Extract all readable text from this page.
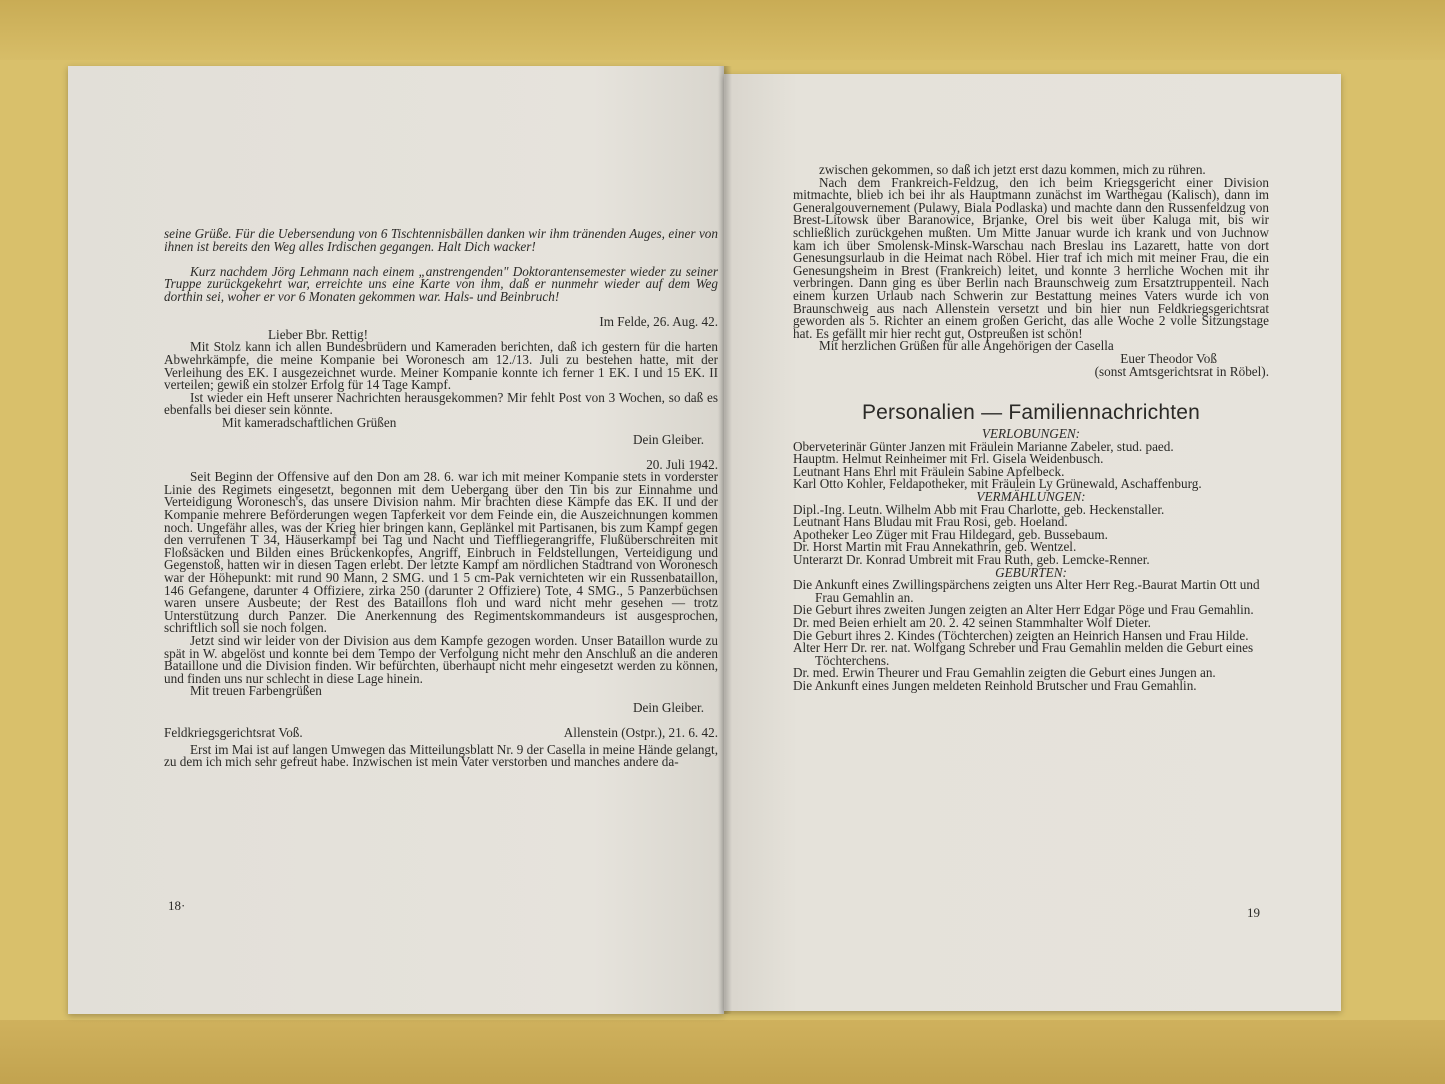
seine Grüße. Für die Uebersendung von 6 Tischtennisbällen danken wir ihm tränenden Auges, einer von ihnen ist bereits den Weg alles Irdischen gegangen. Halt Dich wacker!

Kurz nachdem Jörg Lehmann nach einem „anstrengenden" Doktorantensemester wieder zu seiner Truppe zurückgekehrt war, erreichte uns eine Karte von ihm, daß er nunmehr wieder auf dem Weg dorthin sei, woher er vor 6 Monaten gekommen war. Hals- und Beinbruch!

Im Felde, 26. Aug. 42.

Lieber Bbr. Rettig!

Mit Stolz kann ich allen Bundesbrüdern und Kameraden berichten, daß ich gestern für die harten Abwehrkämpfe, die meine Kompanie bei Woronesch am 12./13. Juli zu bestehen hatte, mit der Verleihung des EK. I ausgezeichnet wurde. Meiner Kompanie konnte ich ferner 1 EK. I und 15 EK. II verteilen; gewiß ein stolzer Erfolg für 14 Tage Kampf.

Ist wieder ein Heft unserer Nachrichten herausgekommen? Mir fehlt Post von 3 Wochen, so daß es ebenfalls bei dieser sein könnte.

Mit kameradschaftlichen Grüßen

Dein Gleiber.

20. Juli 1942.

Seit Beginn der Offensive auf den Don am 28. 6. war ich mit meiner Kompanie stets in vorderster Linie des Regimets eingesetzt, begonnen mit dem Uebergang über den Tin bis zur Einnahme und Verteidigung Woronesch's, das unsere Division nahm. Mir brachten diese Kämpfe das EK. II und der Kompanie mehrere Beförderungen wegen Tapferkeit vor dem Feinde ein, die Auszeichnungen kommen noch. Ungefähr alles, was der Krieg hier bringen kann, Geplänkel mit Partisanen, bis zum Kampf gegen den verrufenen T 34, Häuserkampf bei Tag und Nacht und Tieffliegerangriffe, Flußüberschreiten mit Floßsäcken und Bilden eines Brückenkopfes, Angriff, Einbruch in Feldstellungen, Verteidigung und Gegenstoß, hatten wir in diesen Tagen erlebt. Der letzte Kampf am nördlichen Stadtrand von Woronesch war der Höhepunkt: mit rund 90 Mann, 2 SMG. und 1 5 cm-Pak vernichteten wir ein Russenbataillon, 146 Gefangene, darunter 4 Offiziere, zirka 250 (darunter 2 Offiziere) Tote, 4 SMG., 5 Panzerbüchsen waren unsere Ausbeute; der Rest des Bataillons floh und ward nicht mehr gesehen — trotz Unterstützung durch Panzer. Die Anerkennung des Regimentskommandeurs ist ausgesprochen, schriftlich soll sie noch folgen.

Jetzt sind wir leider von der Division aus dem Kampfe gezogen worden. Unser Bataillon wurde zu spät in W. abgelöst und konnte bei dem Tempo der Verfolgung nicht mehr den Anschluß an die anderen Bataillone und die Division finden. Wir befürchten, überhaupt nicht mehr eingesetzt werden zu können, und finden uns nur schlecht in diese Lage hinein.

Mit treuen Farbengrüßen

Dein Gleiber.

Feldkriegsgerichtsrat Voß.	Allenstein (Ostpr.), 21. 6. 42.

Erst im Mai ist auf langen Umwegen das Mitteilungsblatt Nr. 9 der Casella in meine Hände gelangt, zu dem ich mich sehr gefreut habe. Inzwischen ist mein Vater verstorben und manches andere da-

18·

zwischen gekommen, so daß ich jetzt erst dazu kommen, mich zu rühren.

Nach dem Frankreich-Feldzug, den ich beim Kriegsgericht einer Division mitmachte, blieb ich bei ihr als Hauptmann zunächst im Warthegau (Kalisch), dann im Generalgouvernement (Pulawy, Biala Podlaska) und machte dann den Russenfeldzug von Brest-Litowsk über Baranowice, Brjanke, Orel bis weit über Kaluga mit, bis wir schließlich zurückgehen mußten. Um Mitte Januar wurde ich krank und von Juchnow kam ich über Smolensk-Minsk-Warschau nach Breslau ins Lazarett, hatte von dort Genesungsurlaub in die Heimat nach Röbel. Hier traf ich mich mit meiner Frau, die ein Genesungsheim in Brest (Frankreich) leitet, und konnte 3 herrliche Wochen mit ihr verbringen. Dann ging es über Berlin nach Braunschweig zum Ersatztruppenteil. Nach einem kurzen Urlaub nach Schwerin zur Bestattung meines Vaters wurde ich von Braunschweig aus nach Allenstein versetzt und bin hier nun Feldkriegsgerichtsrat geworden als 5. Richter an einem großen Gericht, das alle Woche 2 volle Sitzungstage hat. Es gefällt mir hier recht gut, Ostpreußen ist schön!

Mit herzlichen Grüßen für alle Angehörigen der Casella

Euer Theodor Voß

(sonst Amtsgerichtsrat in Röbel).

Personalien — Familiennachrichten

VERLOBUNGEN:

Oberveterinär Günter Janzen mit Fräulein Marianne Zabeler, stud. paed.

Hauptm. Helmut Reinheimer mit Frl. Gisela Weidenbusch.

Leutnant Hans Ehrl mit Fräulein Sabine Apfelbeck.

Karl Otto Kohler, Feldapotheker, mit Fräulein Ly Grünewald, Aschaffenburg.

VERMÄHLUNGEN:

Dipl.-Ing. Leutn. Wilhelm Abb mit Frau Charlotte, geb. Heckenstaller.

Leutnant Hans Bludau mit Frau Rosi, geb. Hoeland.

Apotheker Leo Züger mit Frau Hildegard, geb. Bussebaum.

Dr. Horst Martin mit Frau Annekathrin, geb. Wentzel.

Unterarzt Dr. Konrad Umbreit mit Frau Ruth, geb. Lemcke-Renner.

GEBURTEN:

Die Ankunft eines Zwillingspärchens zeigten uns Alter Herr Reg.-Baurat Martin Ott und Frau Gemahlin an.

Die Geburt ihres zweiten Jungen zeigten an Alter Herr Edgar Pöge und Frau Gemahlin.

Dr. med Beien erhielt am 20. 2. 42 seinen Stammhalter Wolf Dieter.

Die Geburt ihres 2. Kindes (Töchterchen) zeigten an Heinrich Hansen und Frau Hilde.

Alter Herr Dr. rer. nat. Wolfgang Schreber und Frau Gemahlin melden die Geburt eines Töchterchens.

Dr. med. Erwin Theurer und Frau Gemahlin zeigten die Geburt eines Jungen an.

Die Ankunft eines Jungen meldeten Reinhold Brutscher und Frau Gemahlin.

19
